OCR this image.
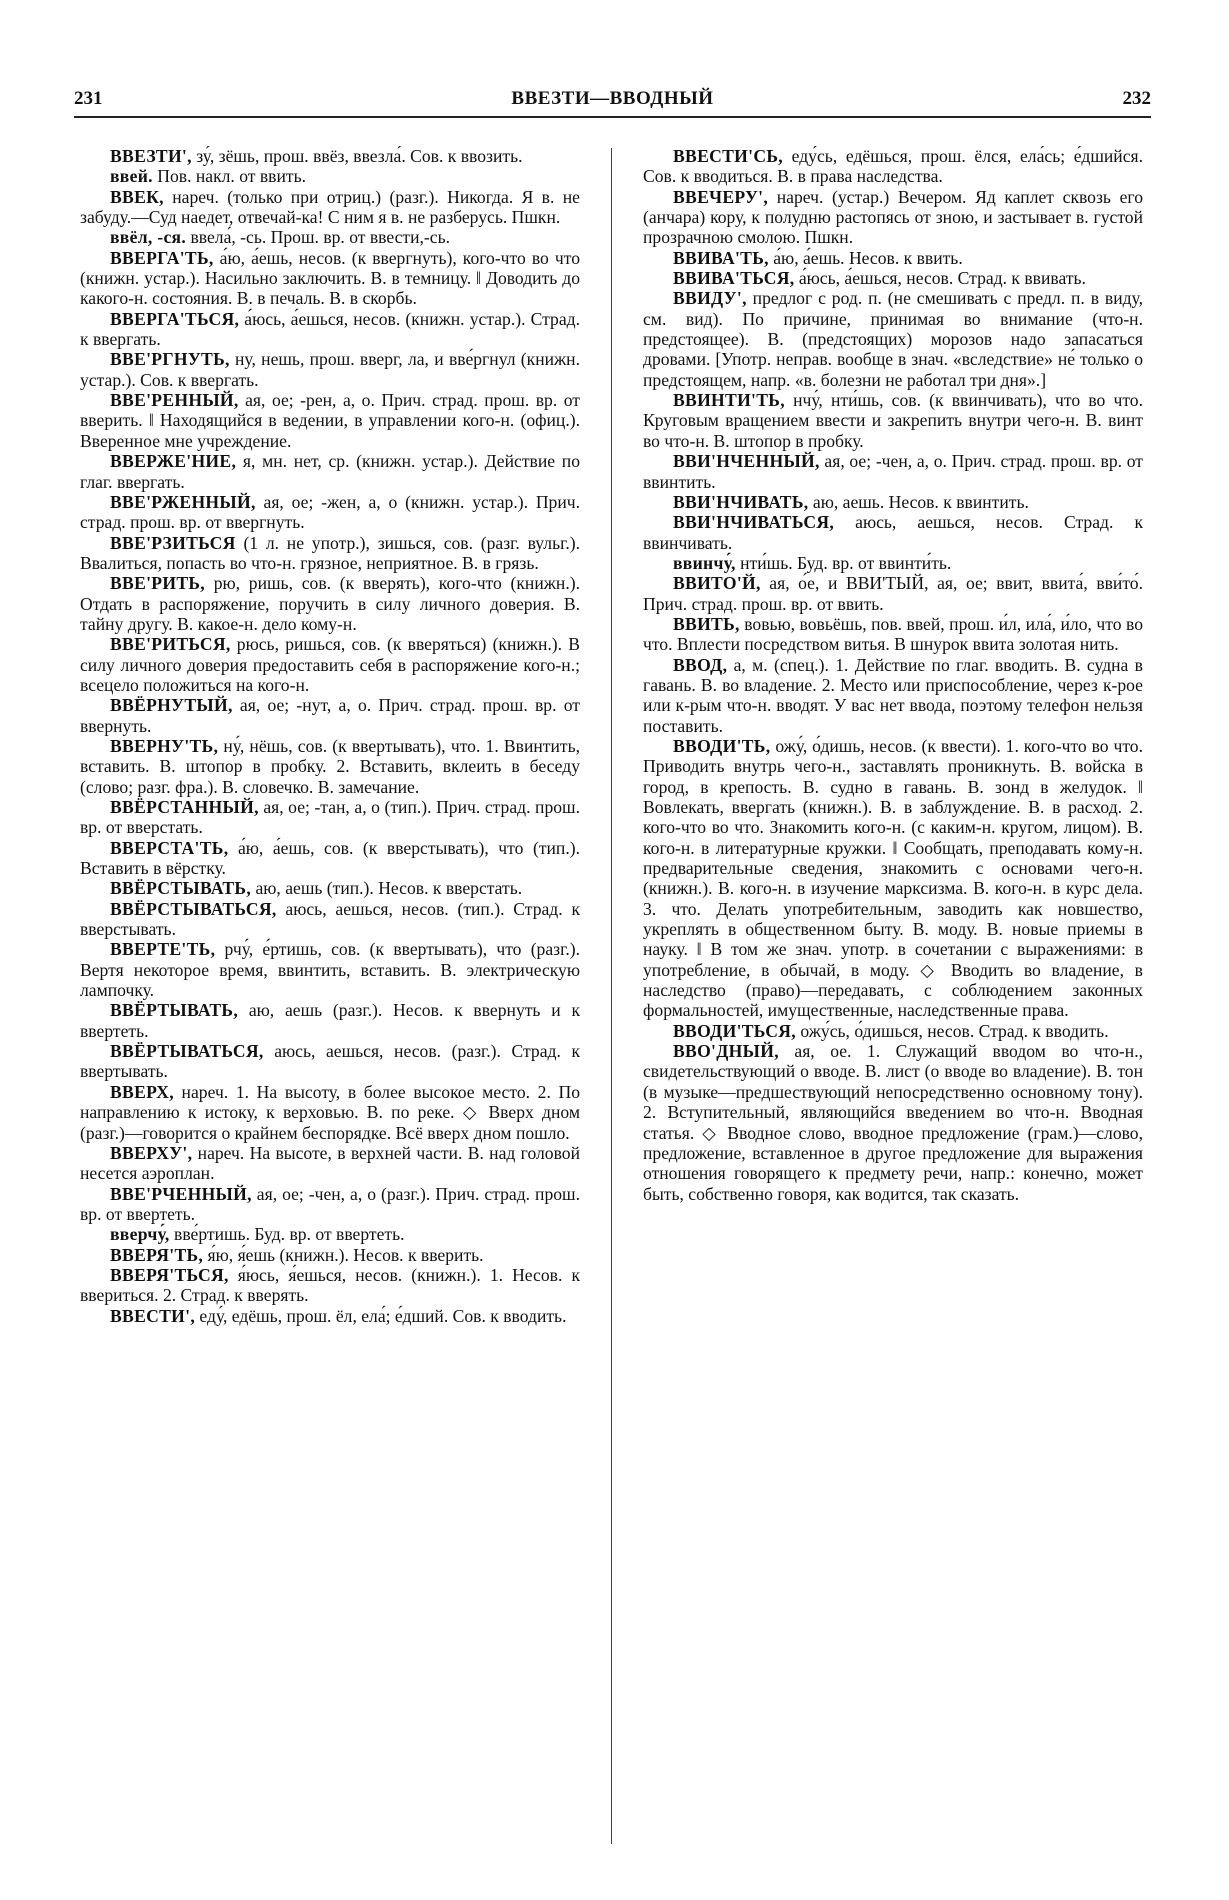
231	ВВЕЗТИ—ВВОДНЫЙ	232

ВВЕЗТИ', зу́, зёшь, прош. ввёз, ввезла́. Сов. к ввозить.

ввей. Пов. накл. от ввить.

ВВЕК, нареч. (только при отриц.) (разг.). Никогда. Я в. не забуду.—Суд наедет, отвечай-ка! С ним я в. не разберусь. Пшкн.

ввёл, -ся. ввела́, -сь. Прош. вр. от ввести,-сь.

ВВЕРГА'ТЬ, а́ю, а́ешь, несов. (к ввергнуть), кого-что во что (книжн. устар.). Насильно заключить. В. в темницу. ‖ Доводить до какого-н. состояния. В. в печаль. В. в скорбь.

ВВЕРГА'ТЬСЯ, а́юсь, а́ешься, несов. (книжн. устар.). Страд. к ввергать.

ВВЕ'РГНУТЬ, ну, нешь, прош. вверг, ла, и вве́ргнул (книжн. устар.). Сов. к ввергать.

ВВЕ'РЕННЫЙ, ая, ое; -рен, а, о. Прич. страд. прош. вр. от вверить. ‖ Находящийся в ведении, в управлении кого-н. (офиц.). Вверенное мне учреждение.

ВВЕРЖЕ'НИЕ, я, мн. нет, ср. (книжн. устар.). Действие по глаг. ввергать.

ВВЕ'РЖЕННЫЙ, ая, ое; -жен, а, о (книжн. устар.). Прич. страд. прош. вр. от ввергнуть.

ВВЕ'РЗИТЬСЯ (1 л. не употр.), зишься, сов. (разг. вульг.). Ввалиться, попасть во что-н. грязное, неприятное. В. в грязь.

ВВЕ'РИТЬ, рю, ришь, сов. (к вверять), кого-что (книжн.). Отдать в распоряжение, поручить в силу личного доверия. В. тайну другу. В. какое-н. дело кому-н.

ВВЕ'РИТЬСЯ, рюсь, ришься, сов. (к вверяться) (книжн.). В силу личного доверия предоставить себя в распоряжение кого-н.; всецело положиться на кого-н.

ВВЁРНУТЫЙ, ая, ое; -нут, а, о. Прич. страд. прош. вр. от ввернуть.

ВВЕРНУ'ТЬ, ну́, нёшь, сов. (к ввертывать), что. 1. Ввинтить, вставить. В. штопор в пробку. 2. Вставить, вклеить в беседу (слово; разг. фра.). В. словечко. В. замечание.

ВВЁРСТАННЫЙ, ая, ое; -тан, а, о (тип.). Прич. страд. прош. вр. от вверстать.

ВВЕРСТА'ТЬ, а́ю, а́ешь, сов. (к вверстывать), что (тип.). Вставить в вёрстку.

ВВЁРСТЫВАТЬ, аю, аешь (тип.). Несов. к вверстать.

ВВЁРСТЫВАТЬСЯ, аюсь, аешься, несов. (тип.). Страд. к вверстывать.

ВВЕРТЕ'ТЬ, рчу́, е́ртишь, сов. (к ввертывать), что (разг.). Вертя некоторое время, ввинтить, вставить. В. электрическую лампочку.

ВВЁРТЫВАТЬ, аю, аешь (разг.). Несов. к ввернуть и к ввертеть.

ВВЁРТЫВАТЬСЯ, аюсь, аешься, несов. (разг.). Страд. к ввертывать.

ВВЕРХ, нареч. 1. На высоту, в более высокое место. 2. По направлению к истоку, к верховью. В. по реке. ◇ Вверх дном (разг.)—говорится о крайнем беспорядке. Всё вверх дном пошло.

ВВЕРХУ', нареч. На высоте, в верхней части. В. над головой несется аэроплан.

ВВЕ'РЧЕННЫЙ, ая, ое; -чен, а, о (разг.). Прич. страд. прош. вр. от ввертеть.

вверчу́, вве́ртишь. Буд. вр. от ввертеть.

ВВЕРЯ'ТЬ, я́ю, я́ешь (книжн.). Несов. к вверить.

ВВЕРЯ'ТЬСЯ, я́юсь, я́ешься, несов. (книжн.). 1. Несов. к ввериться. 2. Страд. к вверять.

ВВЕСТИ', еду́, едёшь, прош. ёл, ела́; е́дший. Сов. к вводить.

ВВЕСТИ'СЬ, еду́сь, едёшься, прош. ёлся, ела́сь; е́дшийся. Сов. к вводиться. В. в права наследства.

ВВЕЧЕРУ', нареч. (устар.) Вечером. Яд каплет сквозь его (анчара) кору, к полудню растопясь от зною, и застывает в. густой прозрачною смолою. Пшкн.

ВВИВА'ТЬ, а́ю, а́ешь. Несов. к ввить.

ВВИВА'ТЬСЯ, а́юсь, а́ешься, несов. Страд. к ввивать.

ВВИДУ', предлог с род. п. (не смешивать с предл. п. в виду, см. вид). По причине, принимая во внимание (что-н. предстоящее). В. (предстоящих) морозов надо запасаться дровами. [Употр. неправ. вообще в знач. «вследствие» не́ только о предстоящем, напр. «в. болезни не работал три дня».]

ВВИНТИ'ТЬ, нчу́, нти́шь, сов. (к ввинчивать), что во что. Круговым вращением ввести и закрепить внутри чего-н. В. винт во что-н. В. штопор в пробку.

ВВИ'НЧЕННЫЙ, ая, ое; -чен, а, о. Прич. страд. прош. вр. от ввинтить.

ВВИ'НЧИВАТЬ, аю, аешь. Несов. к ввинтить.

ВВИ'НЧИВАТЬСЯ, аюсь, аешься, несов. Страд. к ввинчивать.

ввинчу́, нти́шь. Буд. вр. от ввинти́ть.

ВВИТО'Й, ая, о́е, и ВВИ'ТЫЙ, ая, ое; ввит, ввита́, вви́то́. Прич. страд. прош. вр. от ввить.

ВВИТЬ, вовью, вовьёшь, пов. ввей, прош. и́л, ила́, и́ло, что во что. Вплести посредством витья. В шнурок ввита золотая нить.

ВВОД, а, м. (спец.). 1. Действие по глаг. вводить. В. судна в гавань. В. во владение. 2. Место или приспособление, через к-рое или к-рым что-н. вводят. У вас нет ввода, поэтому телефон нельзя поставить.

ВВОДИ'ТЬ, ожу́, о́дишь, несов. (к ввести). 1. кого-что во что. Приводить внутрь чего-н., заставлять проникнуть. В. войска в город, в крепость. В. судно в гавань. В. зонд в желудок. ‖ Вовлекать, ввергать (книжн.). В. в заблуждение. В. в расход. 2. кого-что во что. Знакомить кого-н. (с каким-н. кругом, лицом). В. кого-н. в литературные кружки. ‖ Сообщать, преподавать кому-н. предварительные сведения, знакомить с основами чего-н. (книжн.). В. кого-н. в изучение марксизма. В. кого-н. в курс дела. 3. что. Делать употребительным, заводить как новшество, укреплять в общественном быту. В. моду. В. новые приемы в науку. ‖ В том же знач. употр. в сочетании с выражениями: в употребление, в обычай, в моду. ◇ Вводить во владение, в наследство (право)—передавать, с соблюдением законных формальностей, имущественные, наследственные права.

ВВОДИ'ТЬСЯ, ожу́сь, о́дишься, несов. Страд. к вводить.

ВВО'ДНЫЙ, ая, ое. 1. Служащий вводом во что-н., свидетельствующий о вводе. В. лист (о вводе во владение). В. тон (в музыке—предшествующий непосредственно основному тону). 2. Вступительный, являющийся введением во что-н. Вводная статья. ◇ Вводное слово, вводное предложение (грам.)—слово, предложение, вставленное в другое предложение для выражения отношения говорящего к предмету речи, напр.: конечно, может быть, собственно говоря, как водится, так сказать.
